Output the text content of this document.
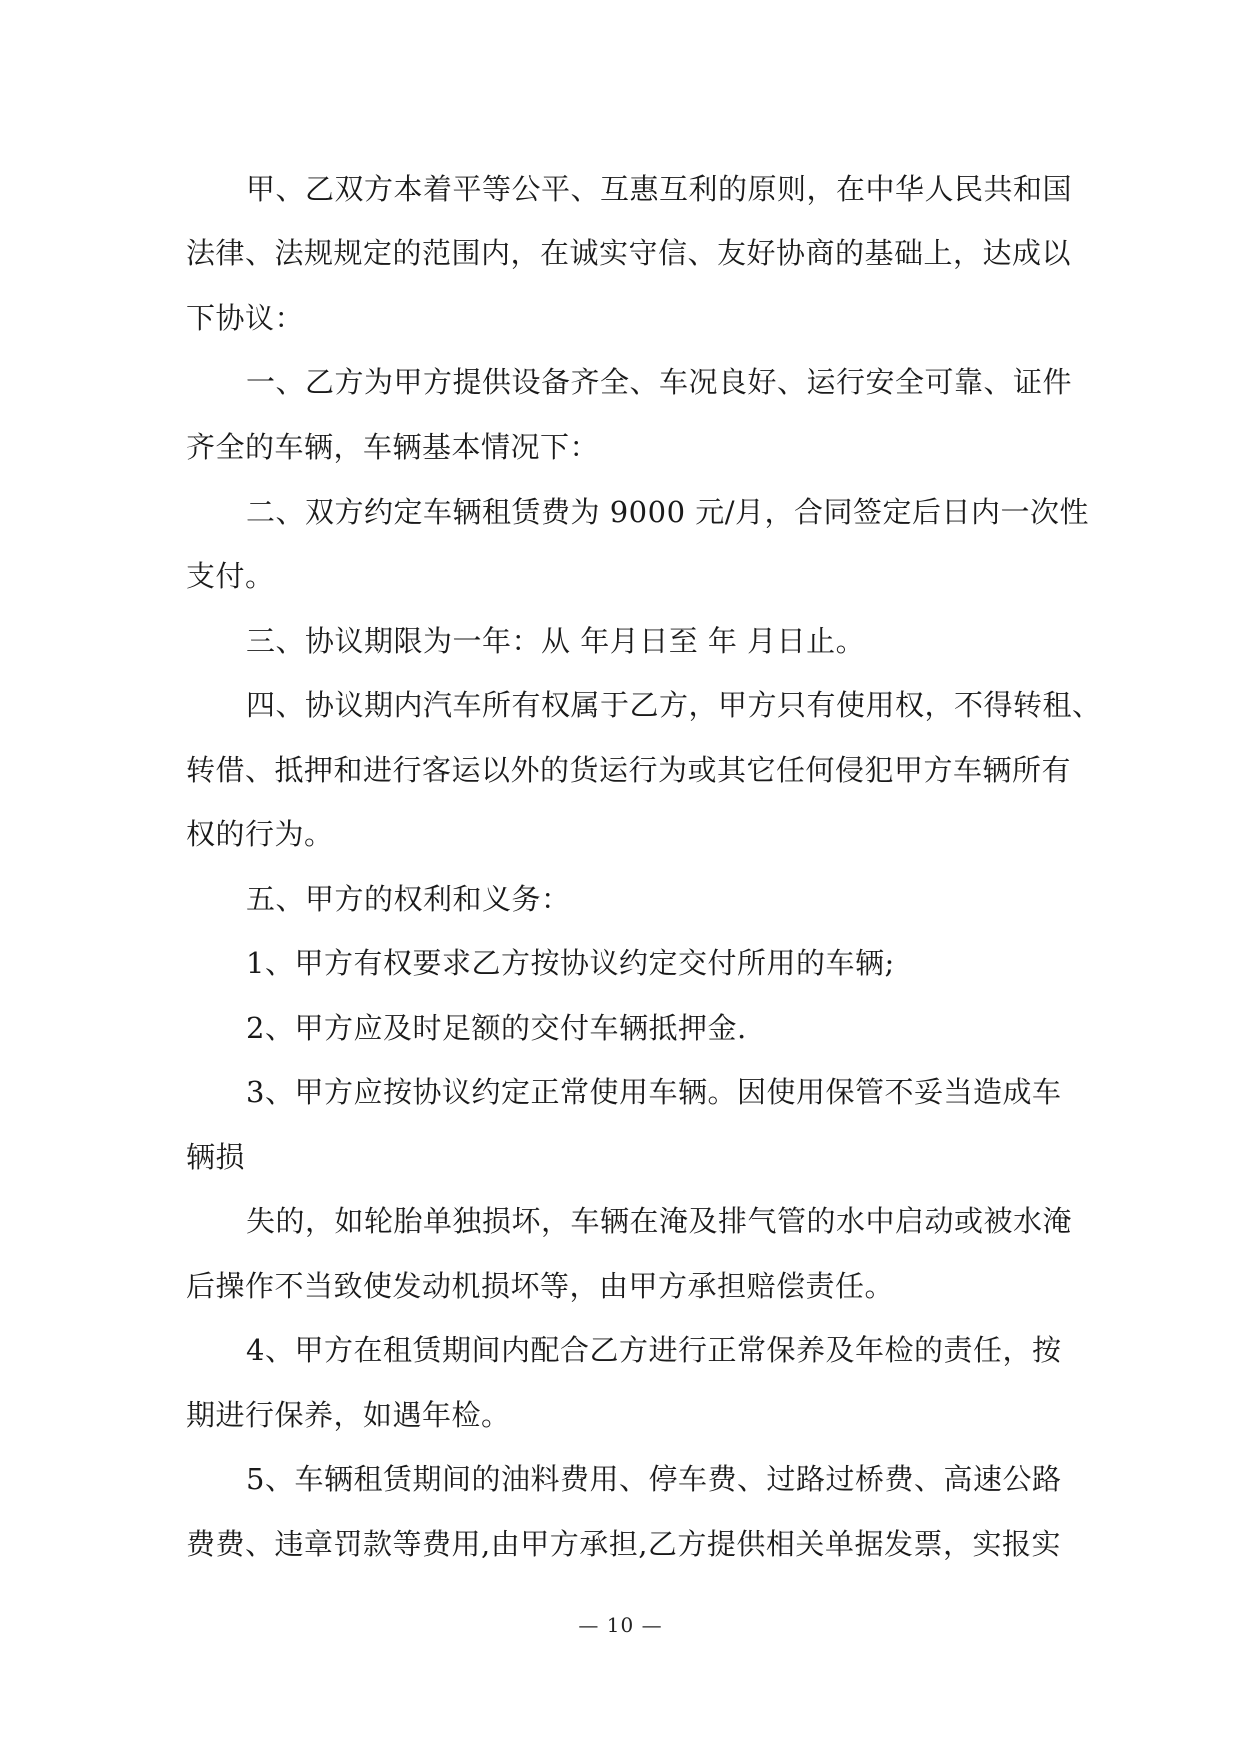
甲、乙双方本着平等公平、互惠互利的原则，在中华人民共和国
法律、法规规定的范围内，在诚实守信、友好协商的基础上，达成以
下协议：
一、乙方为甲方提供设备齐全、车况良好、运行安全可靠、证件
齐全的车辆，车辆基本情况下：
二、双方约定车辆租赁费为 9000 元/月，合同签定后日内一次性
支付。
三、协议期限为一年：从 年月日至 年 月日止。
四、协议期内汽车所有权属于乙方，甲方只有使用权，不得转租、
转借、抵押和进行客运以外的货运行为或其它任何侵犯甲方车辆所有
权的行为。
五、甲方的权利和义务：
1、甲方有权要求乙方按协议约定交付所用的车辆;
2、甲方应及时足额的交付车辆抵押金.
3、甲方应按协议约定正常使用车辆。因使用保管不妥当造成车
辆损
失的，如轮胎单独损坏，车辆在淹及排气管的水中启动或被水淹
后操作不当致使发动机损坏等，由甲方承担赔偿责任。
4、甲方在租赁期间内配合乙方进行正常保养及年检的责任，按
期进行保养，如遇年检。
5、车辆租赁期间的油料费用、停车费、过路过桥费、高速公路
费费、违章罚款等费用,由甲方承担,乙方提供相关单据发票，实报实
— 10 —
